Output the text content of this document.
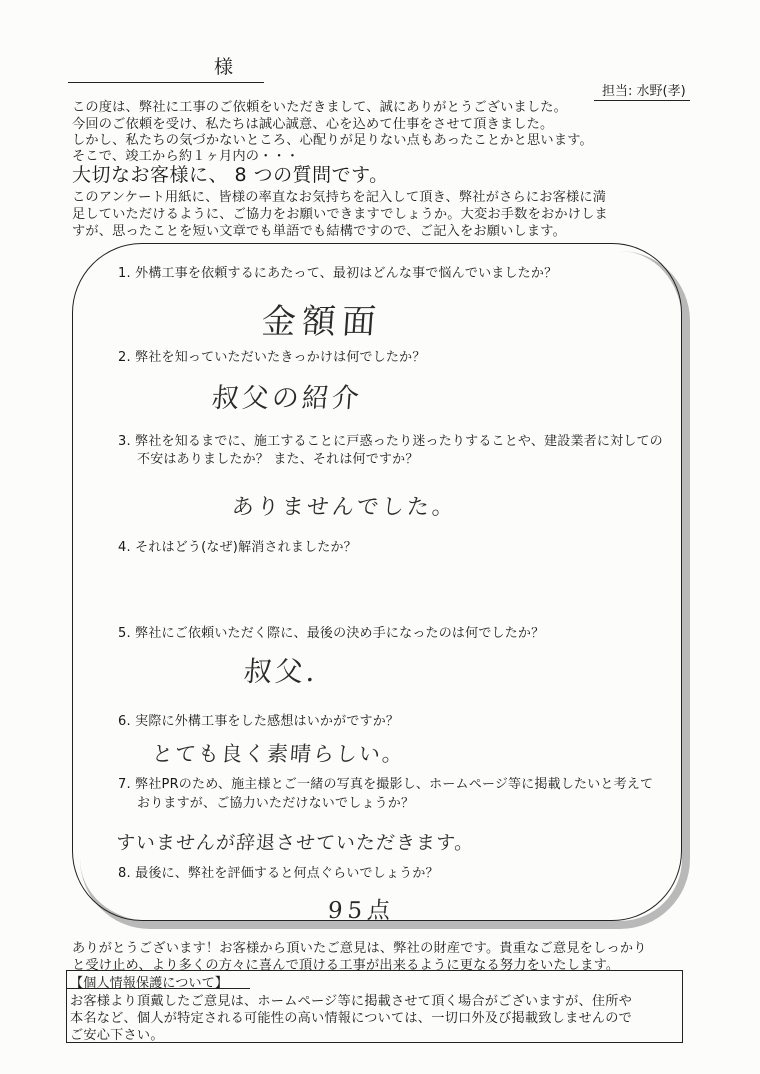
様
担当: 水野(孝)
この度は、弊社に工事のご依頼をいただきまして、誠にありがとうございました。
今回のご依頼を受け、私たちは誠心誠意、心を込めて仕事をさせて頂きました。
しかし、私たちの気づかないところ、心配りが足りない点もあったことかと思います。
そこで、竣工から約１ヶ月内の・・・
大切なお客様に、 8 つの質問です。
このアンケート用紙に、皆様の率直なお気持ちを記入して頂き、弊社がさらにお客様に満
足していただけるように、ご協力をお願いできますでしょうか。大変お手数をおかけしま
すが、思ったことを短い文章でも単語でも結構ですので、ご記入をお願いします。
1. 外構工事を依頼するにあたって、最初はどんな事で悩んでいましたか？
金額面
2. 弊社を知っていただいたきっかけは何でしたか？
叔父の紹介
3. 弊社を知るまでに、施工することに戸惑ったり迷ったりすることや、建設業者に対しての
不安はありましたか？ また、それは何ですか？
ありませんでした。
4. それはどう(なぜ)解消されましたか？
5. 弊社にご依頼いただく際に、最後の決め手になったのは何でしたか？
叔父.
6. 実際に外構工事をした感想はいかがですか？
とても良く素晴らしい。
7. 弊社PRのため、施主様とご一緒の写真を撮影し、ホームページ等に掲載したいと考えて
おりますが、ご協力いただけないでしょうか？
すいませんが辞退させていただきます。
8. 最後に、弊社を評価すると何点ぐらいでしょうか？
95点
ありがとうございます！お客様から頂いたご意見は、弊社の財産です。貴重なご意見をしっかり
と受け止め、より多くの方々に喜んで頂ける工事が出来るように更なる努力をいたします。
【個人情報保護について】
お客様より頂戴したご意見は、ホームページ等に掲載させて頂く場合がございますが、住所や
本名など、個人が特定される可能性の高い情報については、一切口外及び掲載致しませんので
ご安心下さい。
